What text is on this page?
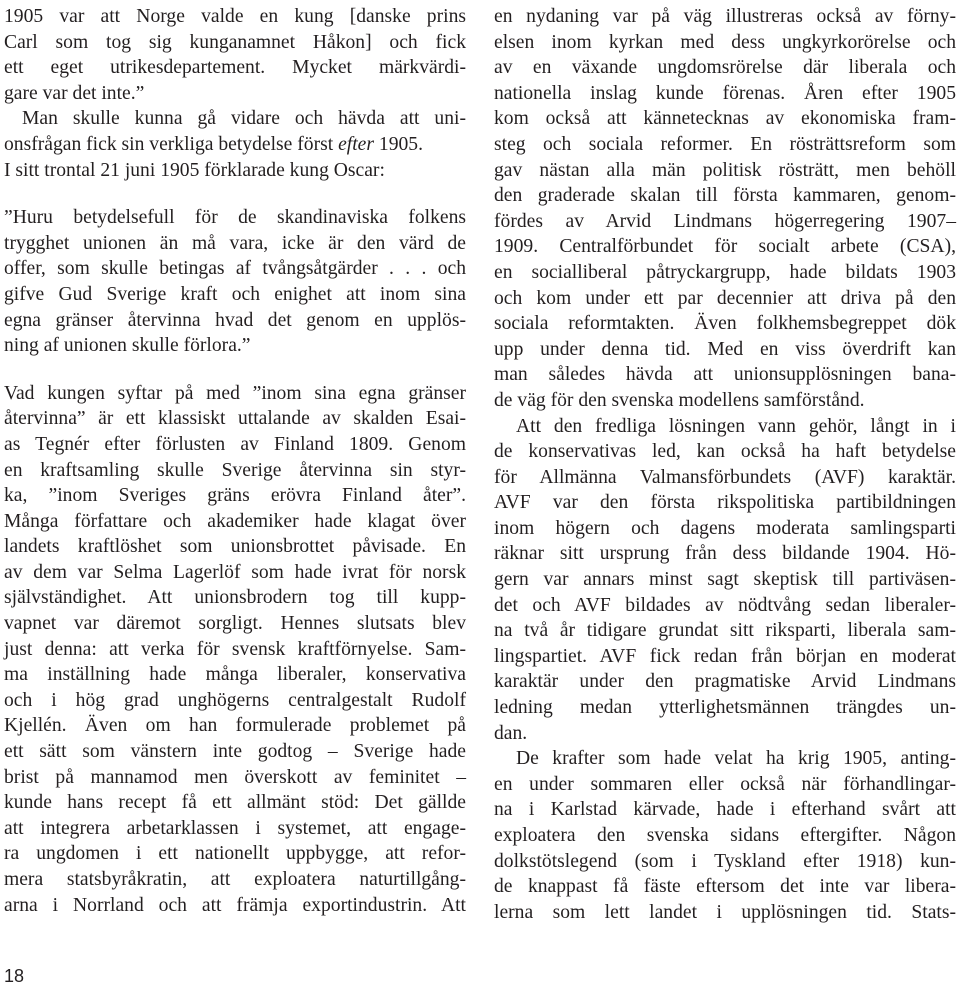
1905 var att Norge valde en kung [danske prins
Carl som tog sig kunganamnet Håkon] och fick
ett eget utrikesdepartement. Mycket märkvärdi-
gare var det inte.”
Man skulle kunna gå vidare och hävda att uni-
onsfrågan fick sin verkliga betydelse först efter 1905.
I sitt trontal 21 juni 1905 förklarade kung Oscar:
”Huru betydelsefull för de skandinaviska folkens
trygghet unionen än må vara, icke är den värd de
offer, som skulle betingas af tvångsåtgärder . . . och
gifve Gud Sverige kraft och enighet att inom sina
egna gränser återvinna hvad det genom en upplös-
ning af unionen skulle förlora.”
Vad kungen syftar på med ”inom sina egna gränser
återvinna” är ett klassiskt uttalande av skalden Esai-
as Tegnér efter förlusten av Finland 1809. Genom
en kraftsamling skulle Sverige återvinna sin styr-
ka, ”inom Sveriges gräns erövra Finland åter”.
Många författare och akademiker hade klagat över
landets kraftlöshet som unionsbrottet påvisade. En
av dem var Selma Lagerlöf som hade ivrat för norsk
självständighet. Att unionsbrodern tog till kupp-
vapnet var däremot sorgligt. Hennes slutsats blev
just denna: att verka för svensk kraftförnyelse. Sam-
ma inställning hade många liberaler, konservativa
och i hög grad unghögerns centralgestalt Rudolf
Kjellén. Även om han formulerade problemet på
ett sätt som vänstern inte godtog – Sverige hade
brist på mannamod men överskott av feminitet –
kunde hans recept få ett allmänt stöd: Det gällde
att integrera arbetarklassen i systemet, att engage-
ra ungdomen i ett nationellt uppbygge, att refor-
mera statsbyråkratin, att exploatera naturtillgång-
arna i Norrland och att främja exportindustrin. Att
en nydaning var på väg illustreras också av förny-
elsen inom kyrkan med dess ungkyrkorörelse och
av en växande ungdomsrörelse där liberala och
nationella inslag kunde förenas. Åren efter 1905
kom också att kännetecknas av ekonomiska fram-
steg och sociala reformer. En rösträttsreform som
gav nästan alla män politisk rösträtt, men behöll
den graderade skalan till första kammaren, genom-
fördes av Arvid Lindmans högerregering 1907–
1909. Centralförbundet för socialt arbete (CSA),
en socialliberal påtryckargrupp, hade bildats 1903
och kom under ett par decennier att driva på den
sociala reformtakten. Även folkhemsbegreppet dök
upp under denna tid. Med en viss överdrift kan
man således hävda att unionsupplösningen bana-
de väg för den svenska modellens samförstånd.
Att den fredliga lösningen vann gehör, långt in i
de konservativas led, kan också ha haft betydelse
för Allmänna Valmansförbundets (AVF) karaktär.
AVF var den första rikspolitiska partibildningen
inom högern och dagens moderata samlingsparti
räknar sitt ursprung från dess bildande 1904. Hö-
gern var annars minst sagt skeptisk till partiväsen-
det och AVF bildades av nödtvång sedan liberaler-
na två år tidigare grundat sitt riksparti, liberala sam-
lingspartiet. AVF fick redan från början en moderat
karaktär under den pragmatiske Arvid Lindmans
ledning medan ytterlighetsmännen trängdes un-
dan.
De krafter som hade velat ha krig 1905, anting-
en under sommaren eller också när förhandlingar-
na i Karlstad kärvade, hade i efterhand svårt att
exploatera den svenska sidans eftergifter. Någon
dolkstötslegend (som i Tyskland efter 1918) kun-
de knappast få fäste eftersom det inte var libera-
lerna som lett landet i upplösningen tid. Stats-
18
